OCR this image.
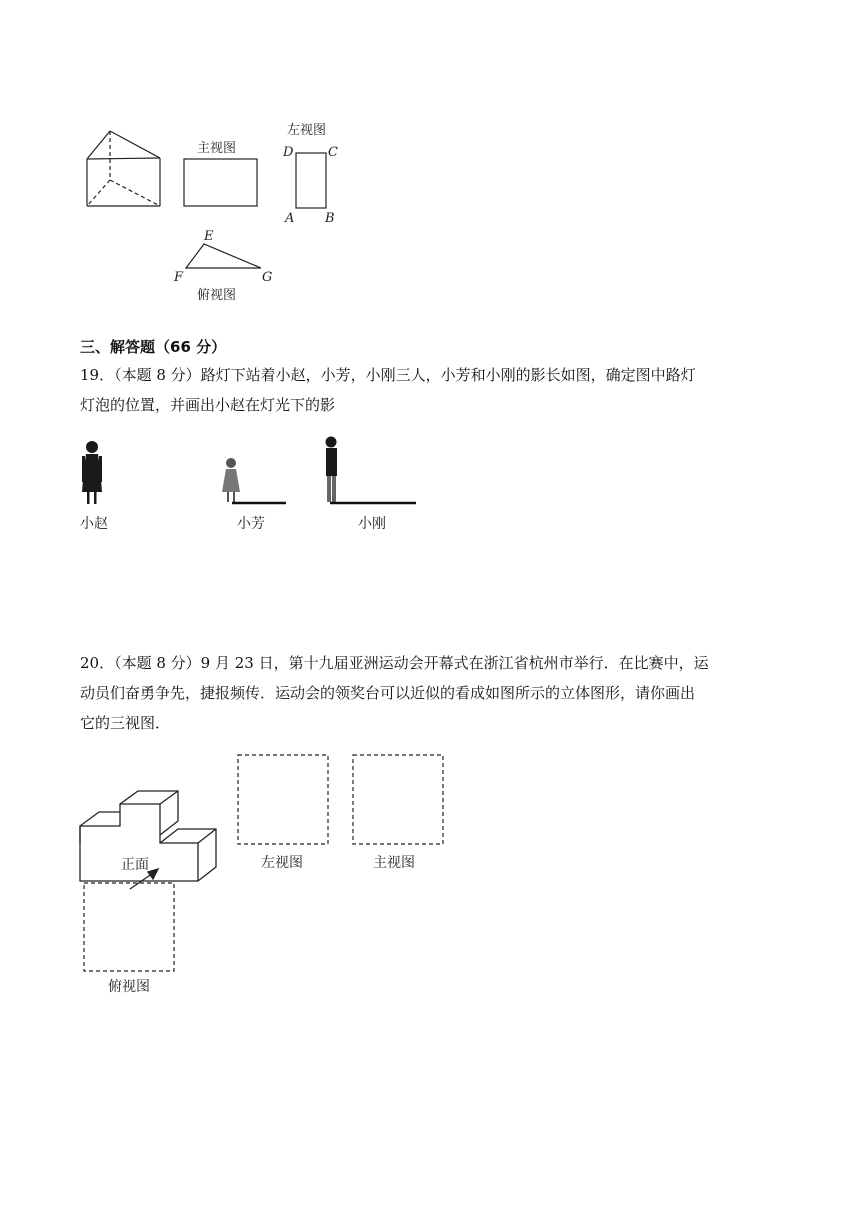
主视图
左视图
D	C
A B
E
F	G
俯视图
三、解答题（66 分）
19．（本题 8 分）路灯下站着小赵，小芳，小刚三人，小芳和小刚的影长如图，确定图中路灯
灯泡的位置，并画出小赵在灯光下的影
小赵	小芳	小刚
20．（本题 8 分）9 月 23 日，第十九届亚洲运动会开幕式在浙江省杭州市举行．在比赛中，运
动员们奋勇争先，捷报频传．运动会的领奖台可以近似的看成如图所示的立体图形，请你画出
它的三视图．
正面	左视图	主视图
俯视图
